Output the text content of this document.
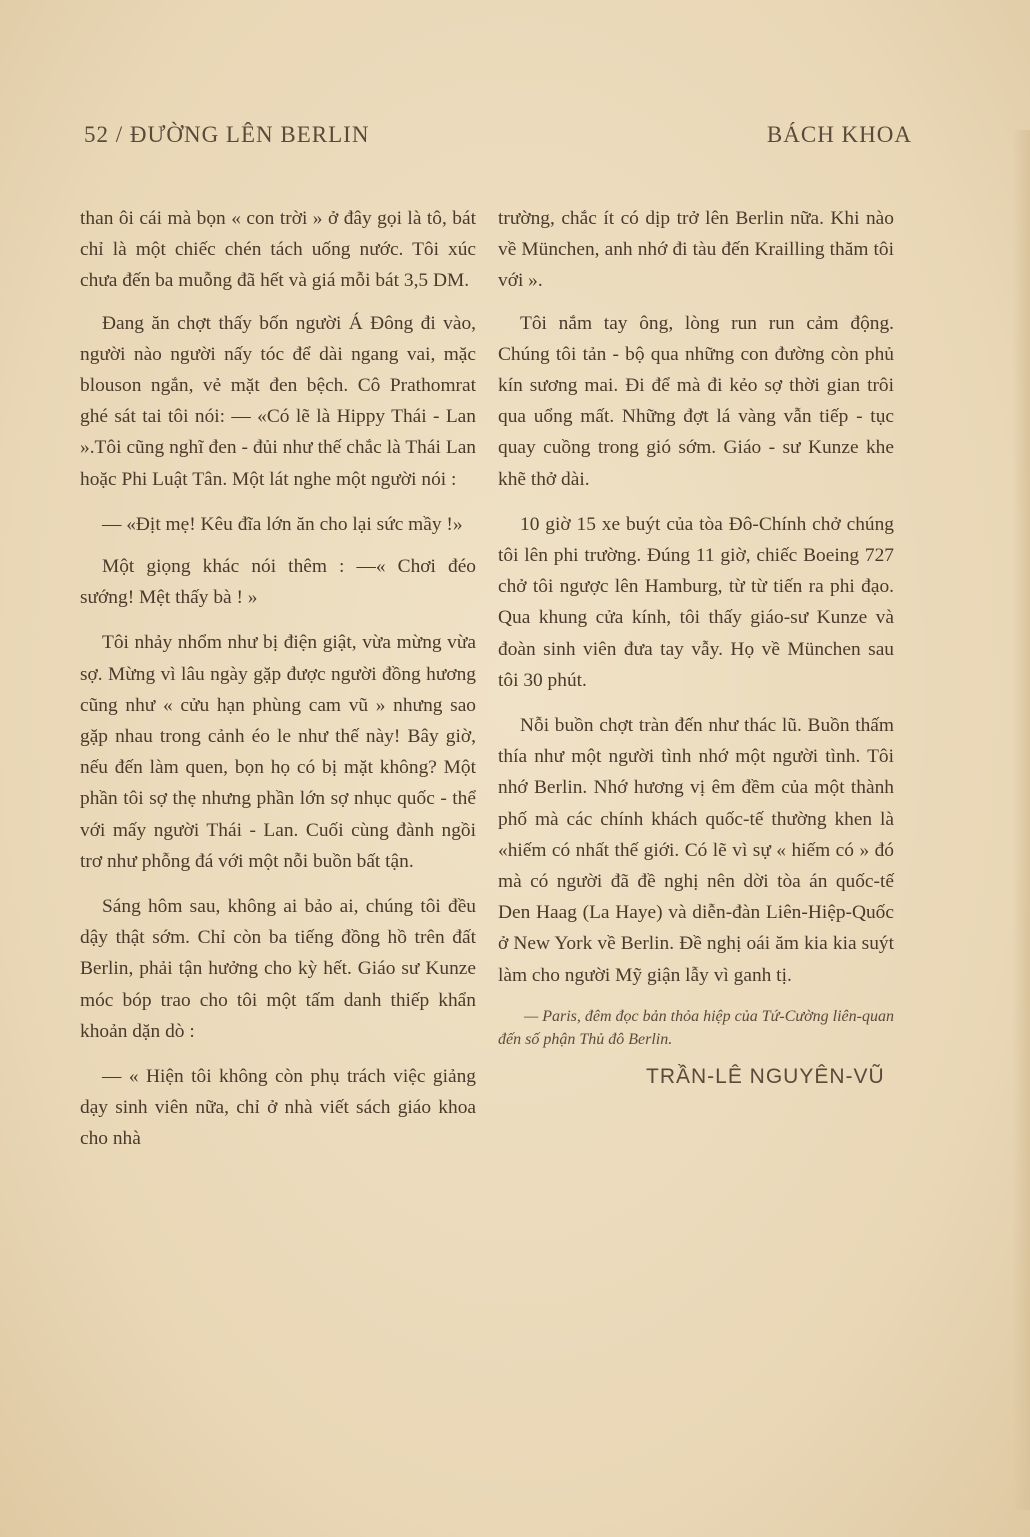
52 / ĐƯỜNG LÊN BERLIN	BÁCH KHOA

than ôi cái mà bọn « con trời » ở đây gọi là tô, bát chỉ là một chiếc chén tách uống nước. Tôi xúc chưa đến ba muỗng đã hết và giá mỗi bát 3,5 DM.

Đang ăn chợt thấy bốn người Á Đông đi vào, người nào người nấy tóc để dài ngang vai, mặc blouson ngắn, vẻ mặt đen bệch. Cô Prathomrat ghé sát tai tôi nói: — «Có lẽ là Hippy Thái - Lan ».Tôi cũng nghĩ đen - đủi như thế chắc là Thái Lan hoặc Phi Luật Tân. Một lát nghe một người nói :

— «Địt mẹ! Kêu đĩa lớn ăn cho lại sức mầy !»

Một giọng khác nói thêm : —« Chơi đéo sướng! Mệt thấy bà ! »

Tôi nhảy nhổm như bị điện giật, vừa mừng vừa sợ. Mừng vì lâu ngày gặp được người đồng hương cũng như « cửu hạn phùng cam vũ » nhưng sao gặp nhau trong cảnh éo le như thế này! Bây giờ, nếu đến làm quen, bọn họ có bị mặt không? Một phần tôi sợ thẹ nhưng phần lớn sợ nhục quốc - thể với mấy người Thái - Lan. Cuối cùng đành ngồi trơ như phỗng đá với một nỗi buồn bất tận.

Sáng hôm sau, không ai bảo ai, chúng tôi đều dậy thật sớm. Chỉ còn ba tiếng đồng hồ trên đất Berlin, phải tận hưởng cho kỳ hết. Giáo sư Kunze móc bóp trao cho tôi một tấm danh thiếp khẩn khoản dặn dò :

— « Hiện tôi không còn phụ trách việc giảng dạy sinh viên nữa, chỉ ở nhà viết sách giáo khoa cho nhà

trường, chắc ít có dịp trở lên Berlin nữa. Khi nào về München, anh nhớ đi tàu đến Krailling thăm tôi với ».

Tôi nắm tay ông, lòng run run cảm động. Chúng tôi tản - bộ qua những con đường còn phủ kín sương mai. Đi để mà đi kẻo sợ thời gian trôi qua uổng mất. Những đợt lá vàng vẫn tiếp - tục quay cuồng trong gió sớm. Giáo - sư Kunze khe khẽ thở dài.

10 giờ 15 xe buýt của tòa Đô-Chính chở chúng tôi lên phi trường. Đúng 11 giờ, chiếc Boeing 727 chở tôi ngược lên Hamburg, từ từ tiến ra phi đạo. Qua khung cửa kính, tôi thấy giáo-sư Kunze và đoàn sinh viên đưa tay vẫy. Họ về München sau tôi 30 phút.

Nỗi buồn chợt tràn đến như thác lũ. Buồn thấm thía như một người tình nhớ một người tình. Tôi nhớ Berlin. Nhớ hương vị êm đềm của một thành phố mà các chính khách quốc-tế thường khen là «hiếm có nhất thế giới. Có lẽ vì sự « hiếm có » đó mà có người đã đề nghị nên dời tòa án quốc-tế Den Haag (La Haye) và diễn-đàn Liên-Hiệp-Quốc ở New York về Berlin. Đề nghị oái ăm kia kia suýt làm cho người Mỹ giận lẫy vì ganh tị.

— Paris, đêm đọc bản thỏa hiệp của Tứ-Cường liên-quan đến số phận Thủ đô Berlin.
TRẦN-LÊ NGUYÊN-VŨ
